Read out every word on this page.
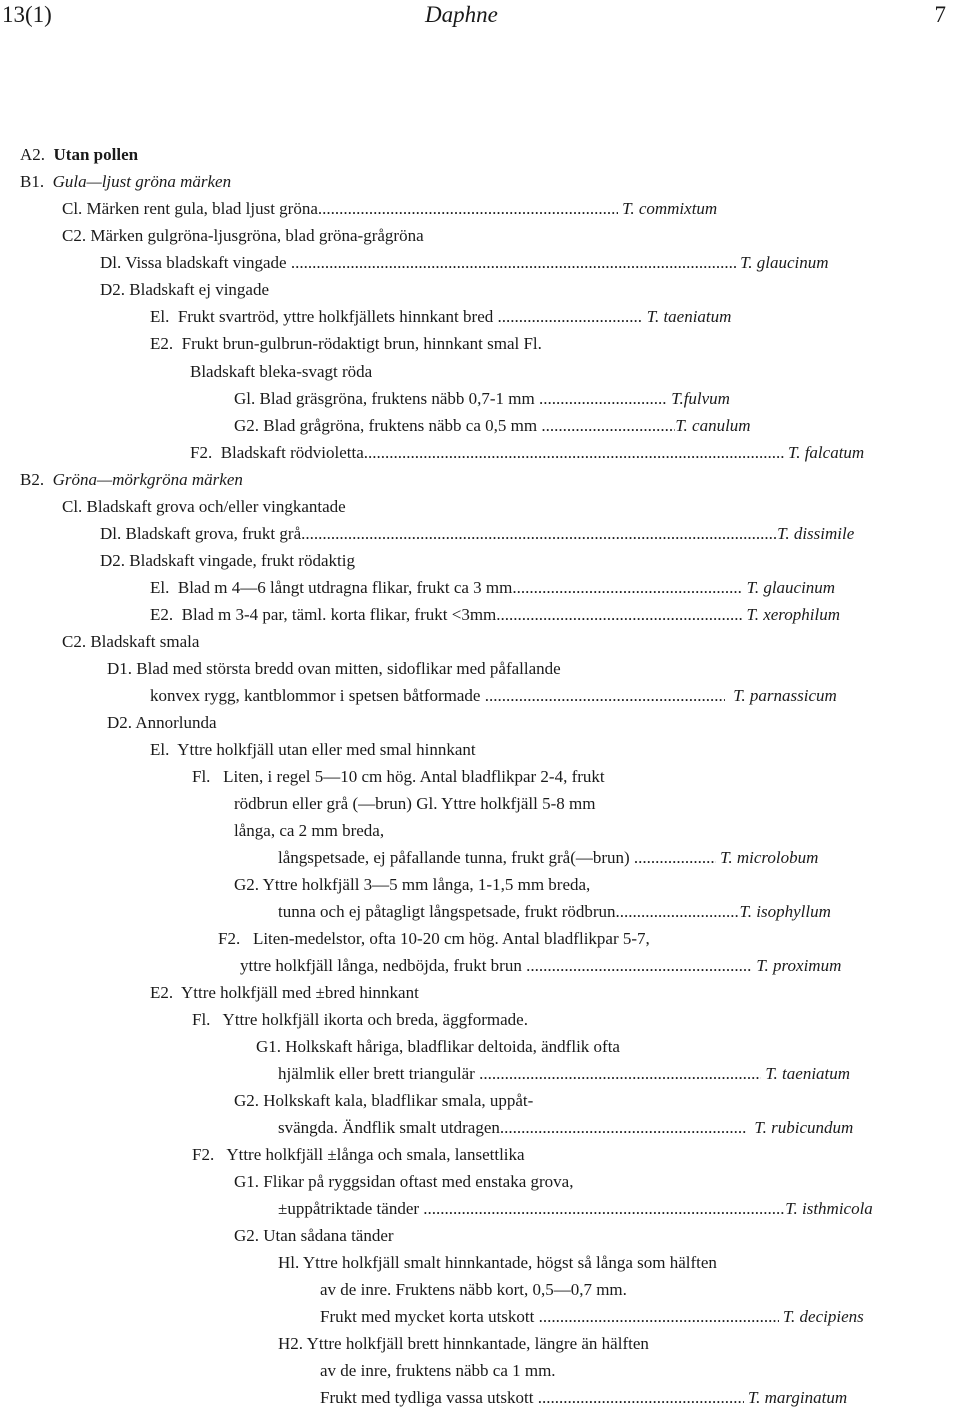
13(1)	Daphne	7
A2.  Utan pollen
B1.  Gula—ljust gröna märken
Cl. Märken rent gula, blad ljust gröna .....	T. commixtum
C2. Märken gulgröna-ljusgröna, blad gröna-grågröna
Dl. Vissa bladskaft vingade .....	T. glaucinum
D2. Bladskaft ej vingade
El.  Frukt svartröd, yttre holkfjällets hinnkant bred .....	T. taeniatum
E2.  Frukt brun-gulbrun-rödaktigt brun, hinnkant smal Fl.
Bladskaft bleka-svagt röda
Gl. Blad gräsgröna, fruktens näbb 0,7-1 mm .....	T.fulvum
G2. Blad grågröna, fruktens näbb ca 0,5 mm .....	T. canulum
F2.  Bladskaft rödvioletta .....	T. falcatum
B2.  Gröna—mörkgröna märken
Cl. Bladskaft grova och/eller vingkantade
Dl. Bladskaft grova, frukt grå .....	T. dissimile
D2. Bladskaft vingade, frukt rödaktig
El.  Blad m 4—6 långt utdragna flikar, frukt ca 3 mm .....	T. glaucinum
E2.  Blad m 3-4 par, täml. korta flikar, frukt <3mm .....	T. xerophilum
C2. Bladskaft smala
D1. Blad med största bredd ovan mitten, sidoflikar med påfallande
konvex rygg, kantblommor i spetsen båtformade .....	T. parnassicum
D2. Annorlunda
El.  Yttre holkfjäll utan eller med smal hinnkant
Fl.   Liten, i regel 5—10 cm hög. Antal bladflikpar 2-4, frukt
rödbrun eller grå (—brun) Gl. Yttre holkfjäll 5-8 mm
långa, ca 2 mm breda,
långspetsade, ej påfallande tunna, frukt grå(—brun) .....	T. microlobum
G2. Yttre holkfjäll 3—5 mm långa, 1-1,5 mm breda,
tunna och ej påtagligt långspetsade, frukt rödbrun .....	T. isophyllum
F2.   Liten-medelstor, ofta 10-20 cm hög. Antal bladflikpar 5-7,
yttre holkfjäll långa, nedböjda, frukt brun .....	T. proximum
E2.  Yttre holkfjäll med ±bred hinnkant
Fl.   Yttre holkfjäll ikorta och breda, äggformade.
G1. Holkskaft håriga, bladflikar deltoida, ändflik ofta
hjälmlik eller brett triangulär .....	T. taeniatum
G2. Holkskaft kala, bladflikar smala, uppåt-
svängda. Ändflik smalt utdragen .....	T. rubicundum
F2.   Yttre holkfjäll ±långa och smala, lansettlika
G1. Flikar på ryggsidan oftast med enstaka grova,
±uppåtriktade tänder .....	T. isthmicola
G2. Utan sådana tänder
Hl. Yttre holkfjäll smalt hinnkantade, högst så långa som hälften
av de inre. Fruktens näbb kort, 0,5—0,7 mm.
Frukt med mycket korta utskott .....	T. decipiens
H2. Yttre holkfjäll brett hinnkantade, längre än hälften
av de inre, fruktens näbb ca 1 mm.
Frukt med tydliga vassa utskott .....	T. marginatum
